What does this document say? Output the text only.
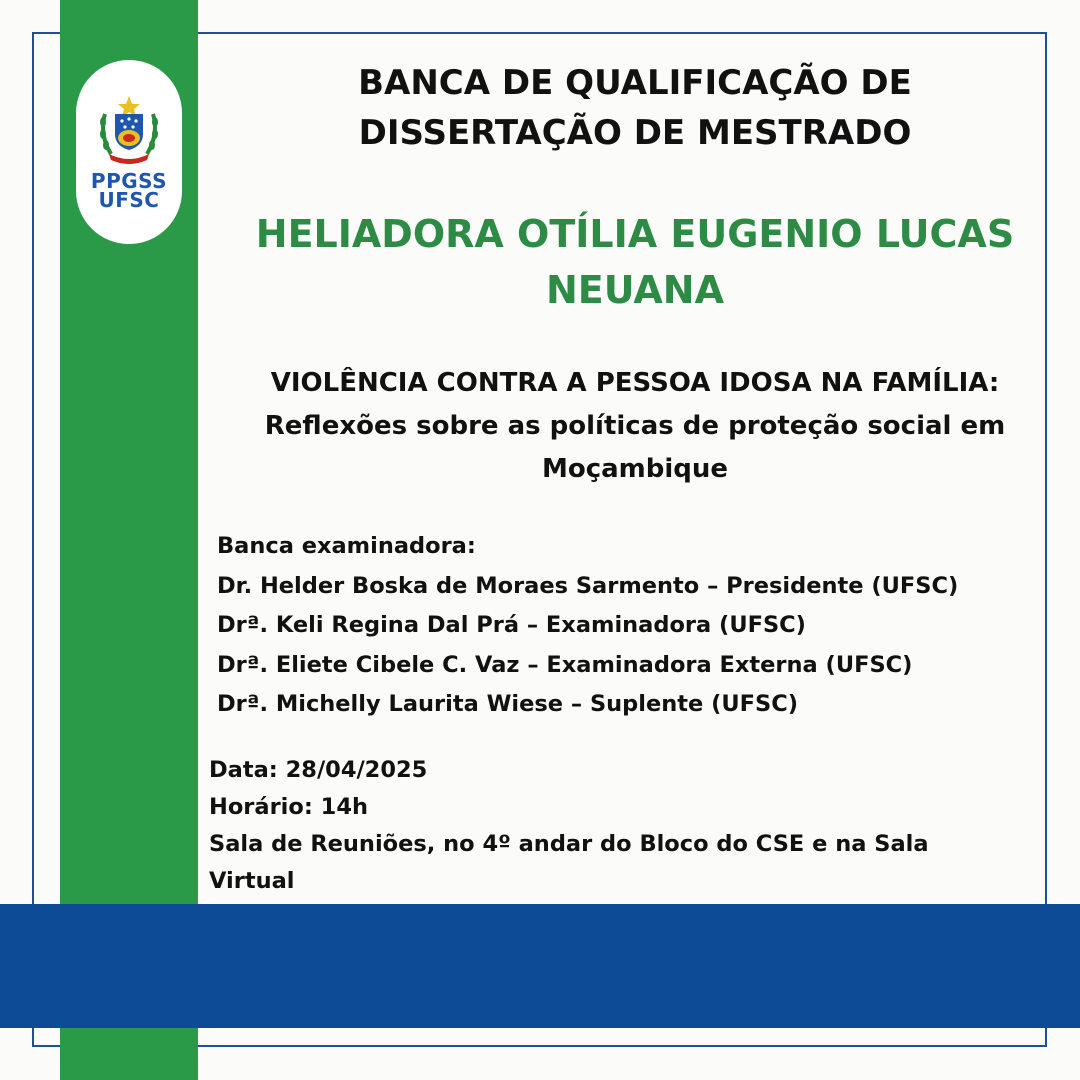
PPGSS
UFSC
BANCA DE QUALIFICAÇÃO DE
DISSERTAÇÃO DE MESTRADO
HELIADORA OTÍLIA EUGENIO LUCAS
NEUANA
VIOLÊNCIA CONTRA A PESSOA IDOSA NA FAMÍLIA:
Reflexões sobre as políticas de proteção social em
Moçambique
Banca examinadora:
Dr. Helder Boska de Moraes Sarmento – Presidente (UFSC)
Drª. Keli Regina Dal Prá – Examinadora (UFSC)
Drª. Eliete Cibele C. Vaz – Examinadora Externa (UFSC)
Drª. Michelly Laurita Wiese – Suplente (UFSC)
Data: 28/04/2025
Horário: 14h
Sala de Reuniões, no 4º andar do Bloco do CSE e na Sala
Virtual
